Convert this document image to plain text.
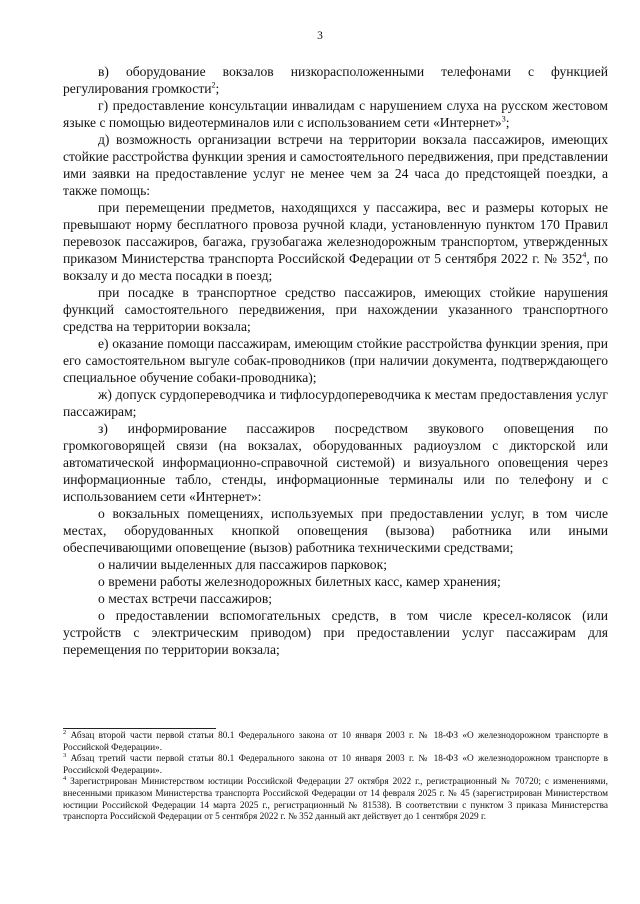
3

в) оборудование вокзалов низкорасположенными телефонами с функцией регулирования громкости$^2$;

г) предоставление консультации инвалидам с нарушением слуха на русском жестовом языке с помощью видеотерминалов или с использованием сети «Интернет»$^3$;

д) возможность организации встречи на территории вокзала пассажиров, имеющих стойкие расстройства функции зрения и самостоятельного передвижения, при представлении ими заявки на предоставление услуг не менее чем за 24 часа до предстоящей поездки, а также помощь:

при перемещении предметов, находящихся у пассажира, вес и размеры которых не превышают норму бесплатного провоза ручной клади, установленную пунктом 170 Правил перевозок пассажиров, багажа, грузобагажа железнодорожным транспортом, утвержденных приказом Министерства транспорта Российской Федерации от 5 сентября 2022 г. № $352^4$, по вокзалу и до места посадки в поезд;

при посадке в транспортное средство пассажиров, имеющих стойкие нарушения функций самостоятельного передвижения, при нахождении указанного транспортного средства на территории вокзала;

е) оказание помощи пассажирам, имеющим стойкие расстройства функции зрения, при его самостоятельном выгуле собак-проводников (при наличии документа, подтверждающего специальное обучение собаки-проводника);

ж) допуск сурдопереводчика и тифлосурдопереводчика к местам предоставления услуг пассажирам;

з) информирование пассажиров посредством звукового оповещения по громкоговорящей связи (на вокзалах, оборудованных радиоузлом с дикторской или автоматической информационно-справочной системой) и визуального оповещения через информационные табло, стенды, информационные терминалы или по телефону и с использованием сети «Интернет»:

о вокзальных помещениях, используемых при предоставлении услуг, в том числе местах, оборудованных кнопкой оповещения (вызова) работника или иными обеспечивающими оповещение (вызов) работника техническими средствами;

о наличии выделенных для пассажиров парковок;

о времени работы железнодорожных билетных касс, камер хранения;

о местах встречи пассажиров;

о предоставлении вспомогательных средств, в том числе кресел-колясок (или устройств с электрическим приводом) при предоставлении услуг пассажирам для перемещения по территории вокзала;

$^2$ Абзац второй части первой статьи 80.1 Федерального закона от 10 января 2003 г. № 18-ФЗ «О железнодорожном транспорте в Российской Федерации».

$^3$ Абзац третий части первой статьи 80.1 Федерального закона от 10 января 2003 г. № 18-ФЗ «О железнодорожном транспорте в Российской Федерации».

$^4$ Зарегистрирован Министерством юстиции Российской Федерации 27 октября 2022 г., регистрационный № 70720; с изменениями, внесенными приказом Министерства транспорта Российской Федерации от 14 февраля 2025 г. № 45 (зарегистрирован Министерством юстиции Российской Федерации 14 марта 2025 г., регистрационный № 81538). В соответствии с пунктом 3 приказа Министерства транспорта Российской Федерации от 5 сентября 2022 г. № 352 данный акт действует до 1 сентября 2029 г.
